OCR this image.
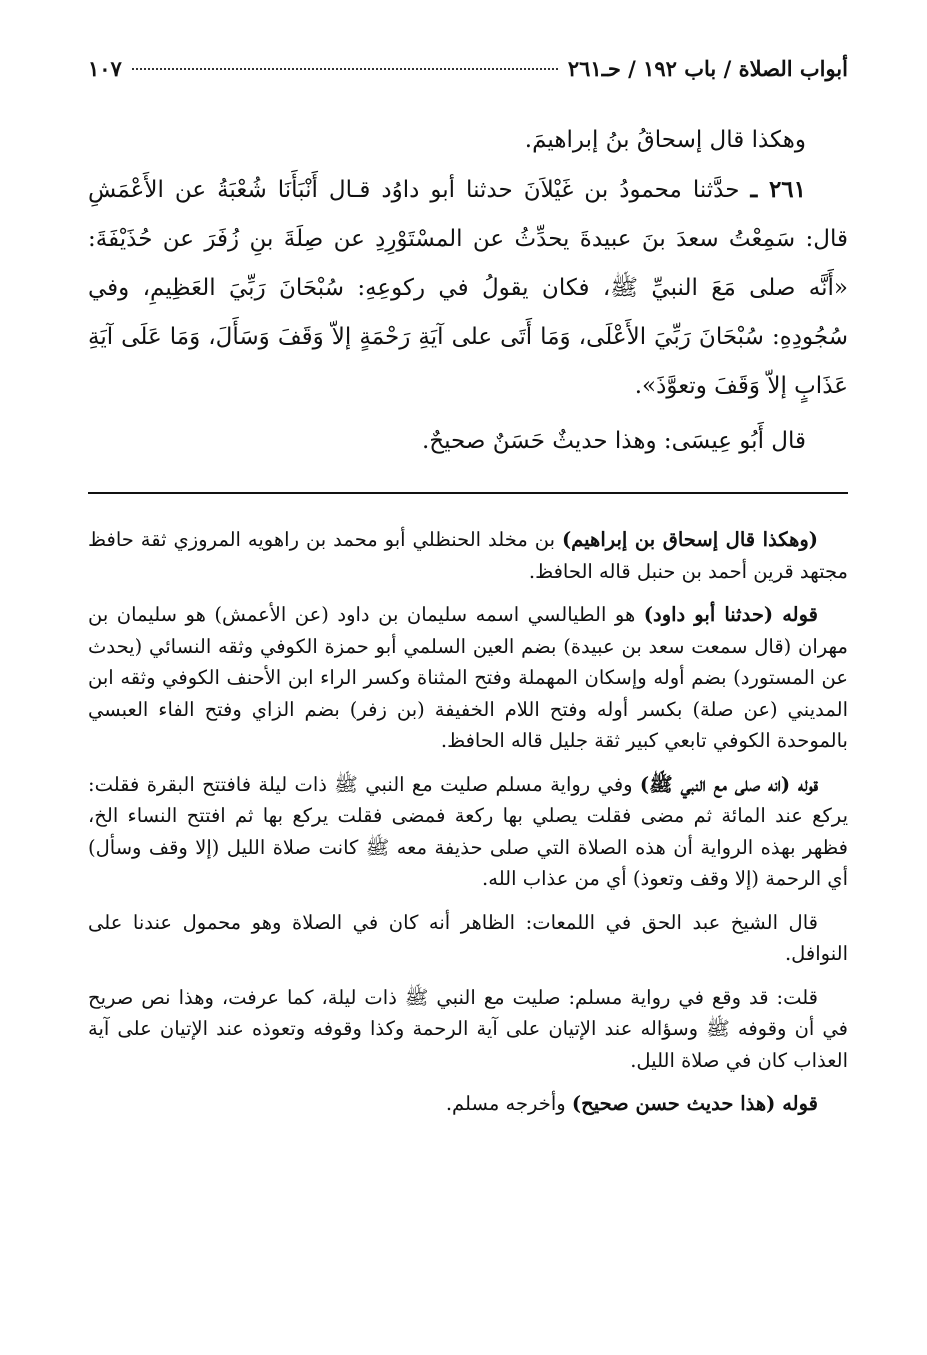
أبواب الصلاة / باب ١٩٢ / حـ٢٦١
١٠٧

وهكذا قال إسحاقُ بنُ إبراهيمَ.

٢٦١ ـ حدَّثنا محمودُ بن غَيْلاَنَ حدثنا أبو داوُد قـال أَنْبَأَنَا شُعْبَةُ عن الأَعْمَشِ قال: سَمِعْتُ سعدَ بنَ عبيدةَ يحدِّثُ عن المسْتَوْرِدِ عن صِلَةَ بنِ زُفَرَ عن حُذَيْفَةَ: «أَنَّه صلى مَعَ النبيِّ ﷺ، فكان يقولُ في ركوعِهِ: سُبْحَانَ رَبِّيَ العَظِيمِ، وفي سُجُودِهِ: سُبْحَانَ رَبِّيَ الأَعْلَى، وَمَا أَتَى على آيَةِ رَحْمَةٍ إلاّ وَقَفَ وَسَأَلَ، وَمَا عَلَى آيَةِ عَذَابٍ إلاّ وَقَفَ وتعوَّذَ».

قال أَبُو عِيسَى: وهذا حديثٌ حَسَنٌ صحيحٌ.

(وهكذا قال إسحاق بن إبراهيم) بن مخلد الحنظلي أبو محمد بن راهويه المروزي ثقة حافظ مجتهد قرين أحمد بن حنبل قاله الحافظ.

قوله (حدثنا أبو داود) هو الطيالسي اسمه سليمان بن داود (عن الأعمش) هو سليمان بن مهران (قال سمعت سعد بن عبيدة) بضم العين السلمي أبو حمزة الكوفي وثقه النسائي (يحدث عن المستورد) بضم أوله وإسكان المهملة وفتح المثناة وكسر الراء ابن الأحنف الكوفي وثقه ابن المديني (عن صلة) بكسر أوله وفتح اللام الخفيفة (بن زفر) بضم الزاي وفتح الفاء العبسي بالموحدة الكوفي تابعي كبير ثقة جليل قاله الحافظ.

قوله (انه صلى مع النبي ﷺ) وفي رواية مسلم صليت مع النبي ﷺ ذات ليلة فافتتح البقرة فقلت: يركع عند المائة ثم مضى فقلت يصلي بها ركعة فمضى فقلت يركع بها ثم افتتح النساء الخ، فظهر بهذه الرواية أن هذه الصلاة التي صلى حذيفة معه ﷺ كانت صلاة الليل (إلا وقف وسأل) أي الرحمة (إلا وقف وتعوذ) أي من عذاب الله.

قال الشيخ عبد الحق في اللمعات: الظاهر أنه كان في الصلاة وهو محمول عندنا على النوافل.

قلت: قد وقع في رواية مسلم: صليت مع النبي ﷺ ذات ليلة، كما عرفت، وهذا نص صريح في أن وقوفه ﷺ وسؤاله عند الإتيان على آية الرحمة وكذا وقوفه وتعوذه عند الإتيان على آية العذاب كان في صلاة الليل.

قوله (هذا حديث حسن صحيح) وأخرجه مسلم.
